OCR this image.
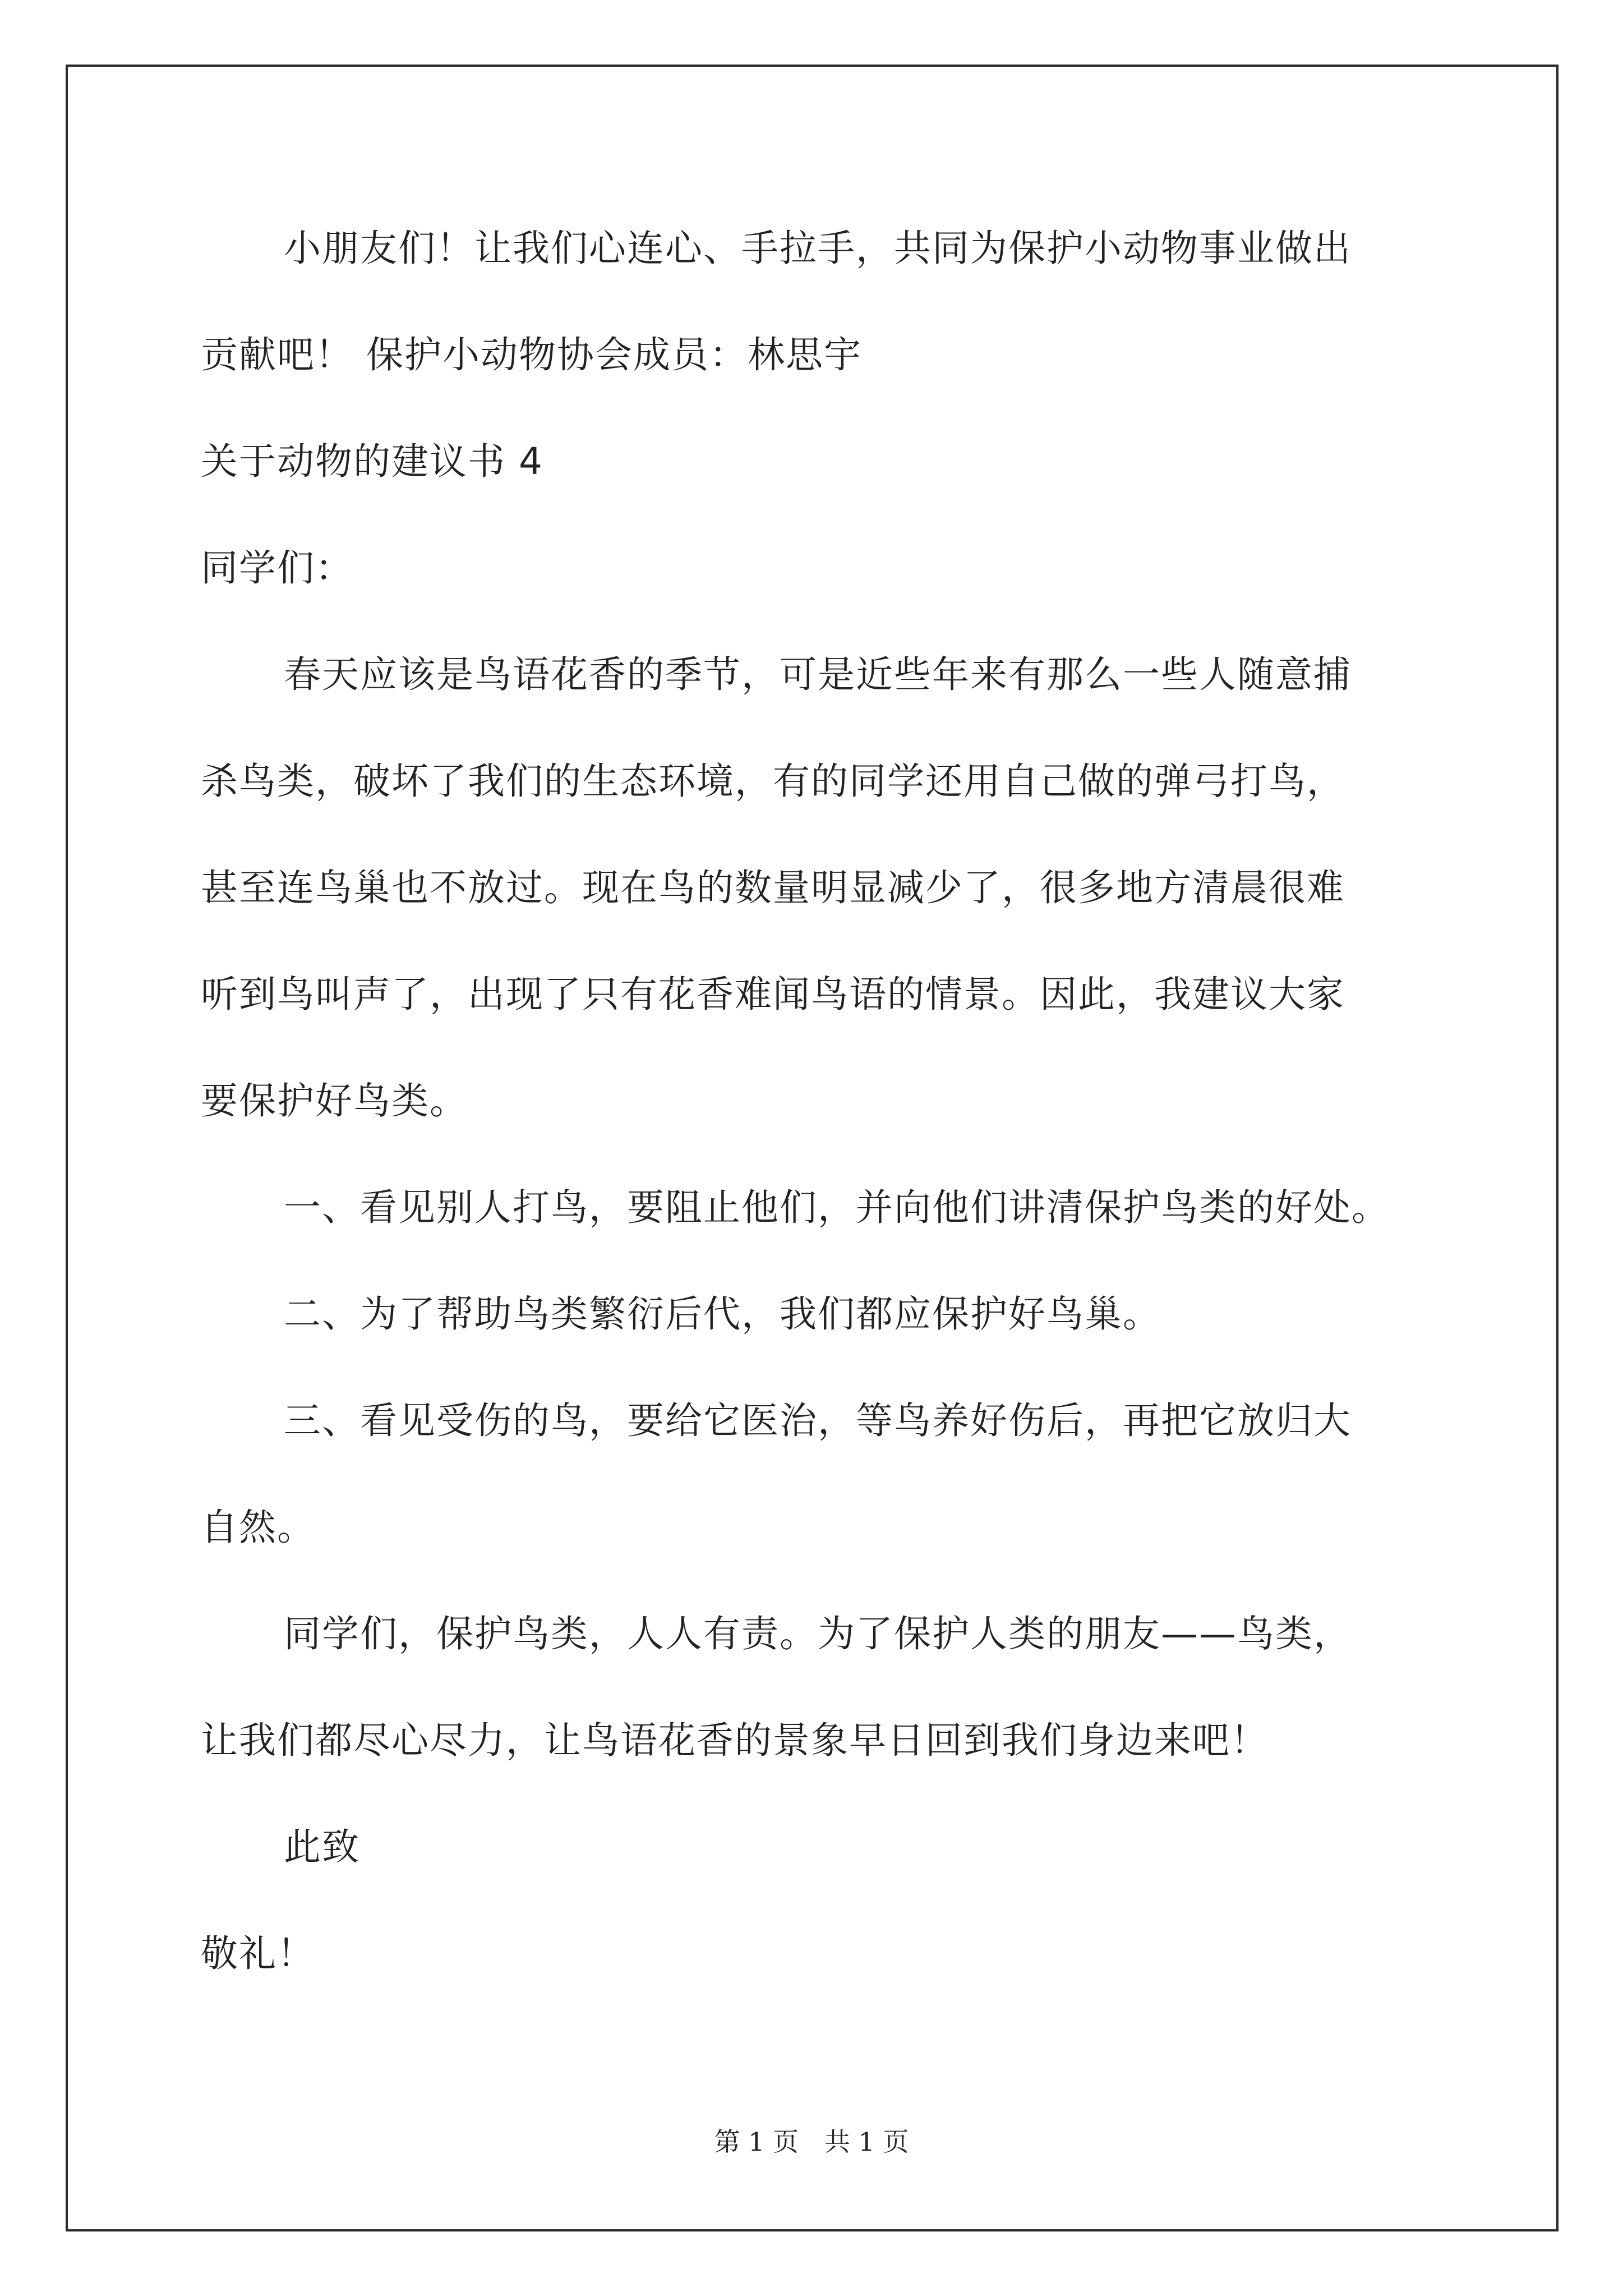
小朋友们！让我们心连心、手拉手，共同为保护小动物事业做出
贡献吧！ 保护小动物协会成员：林思宇
关于动物的建议书 4
同学们：
春天应该是鸟语花香的季节，可是近些年来有那么一些人随意捕
杀鸟类，破坏了我们的生态环境，有的同学还用自己做的弹弓打鸟，
甚至连鸟巢也不放过。现在鸟的数量明显减少了，很多地方清晨很难
听到鸟叫声了，出现了只有花香难闻鸟语的情景。因此，我建议大家
要保护好鸟类。
一、看见别人打鸟，要阻止他们，并向他们讲清保护鸟类的好处。
二、为了帮助鸟类繁衍后代，我们都应保护好鸟巢。
三、看见受伤的鸟，要给它医治，等鸟养好伤后，再把它放归大
自然。
同学们，保护鸟类，人人有责。为了保护人类的朋友——鸟类，
让我们都尽心尽力，让鸟语花香的景象早日回到我们身边来吧！
此致
敬礼！
第 1 页　共 1 页
